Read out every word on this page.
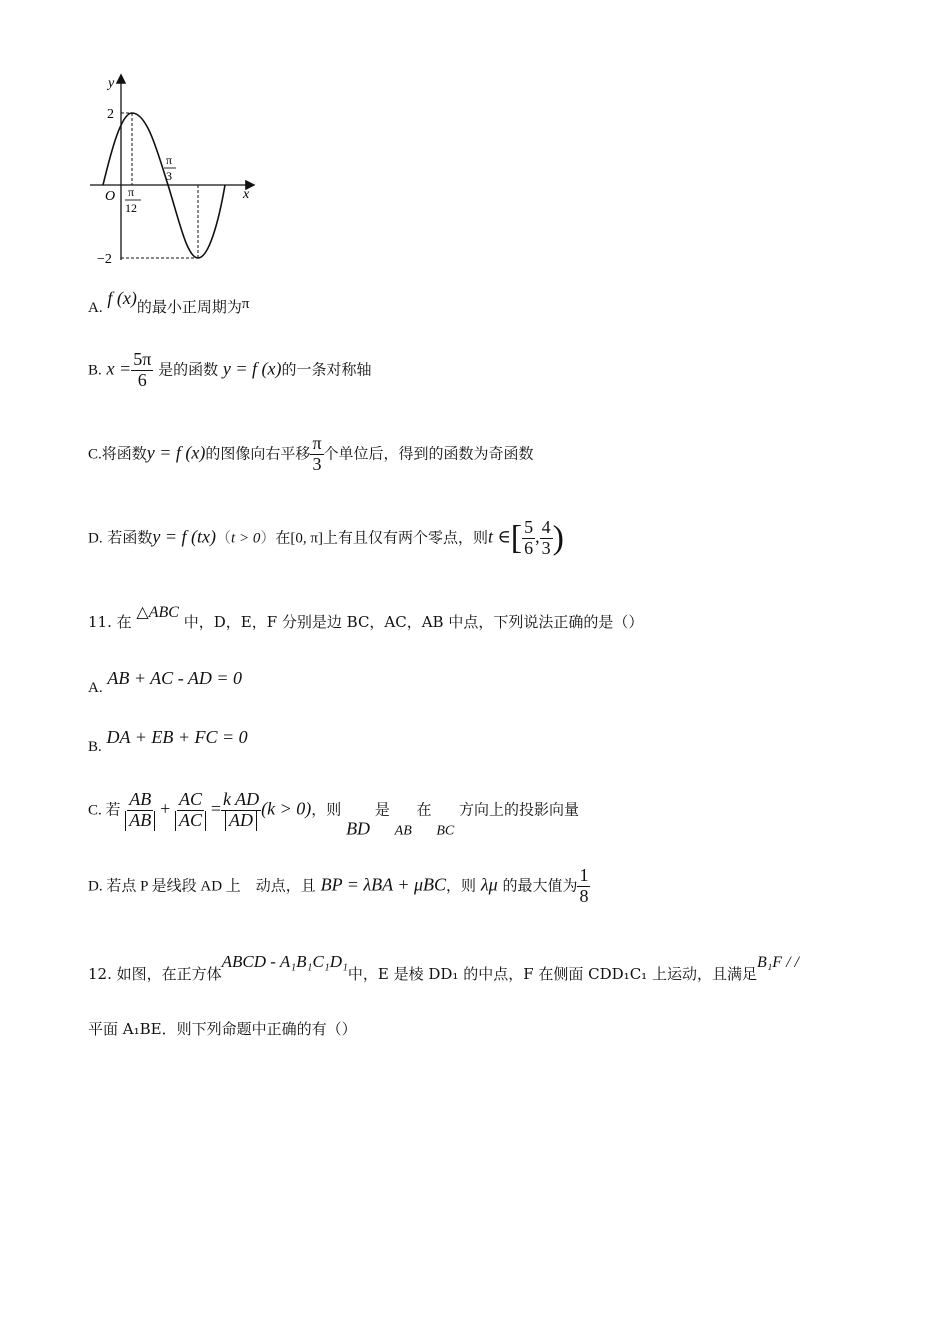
y
x
O
2
−2
π
12
π
3
A. f (x)的最小正周期为π
B. $x = \frac{5\pi}{6}$ 是的函数 y = f (x)的一条对称轴
C.将函数y = f (x)的图像向右平移 $\frac{\pi}{3}$ 个单位后，得到的函数为奇函数
D. 若函数y = f (tx)（t > 0）在[0, π]上有且仅有两个零点，则t ∈[ $\frac{5}{6}$ , $\frac{4}{3}$ )
11. 在 △ABC 中，D，E，F 分别是边 BC，AC，AB 中点，下列说法正确的是（）
A. AB + AC - AD = 0
B. DA + EB + FC = 0
C. 若 $\frac{AB}{AB} + \frac{AC}{AC} = \frac{\text{k AD}}{AD} (k > 0)$，则 BD 是 AB 在 BC 方向上的投影向量
D. 若点 P 是线段 AD 上　动点，且 BP = λBA + μBC，则 λμ 的最大值为 $\frac{1}{8}$
12. 如图，在正方体ABCD - A₁B₁C₁D₁中，E 是棱 DD₁ 的中点，F 在侧面 CDD₁C₁ 上运动，且满足B₁F / /
平面 A₁BE．则下列命题中正确的有（）
